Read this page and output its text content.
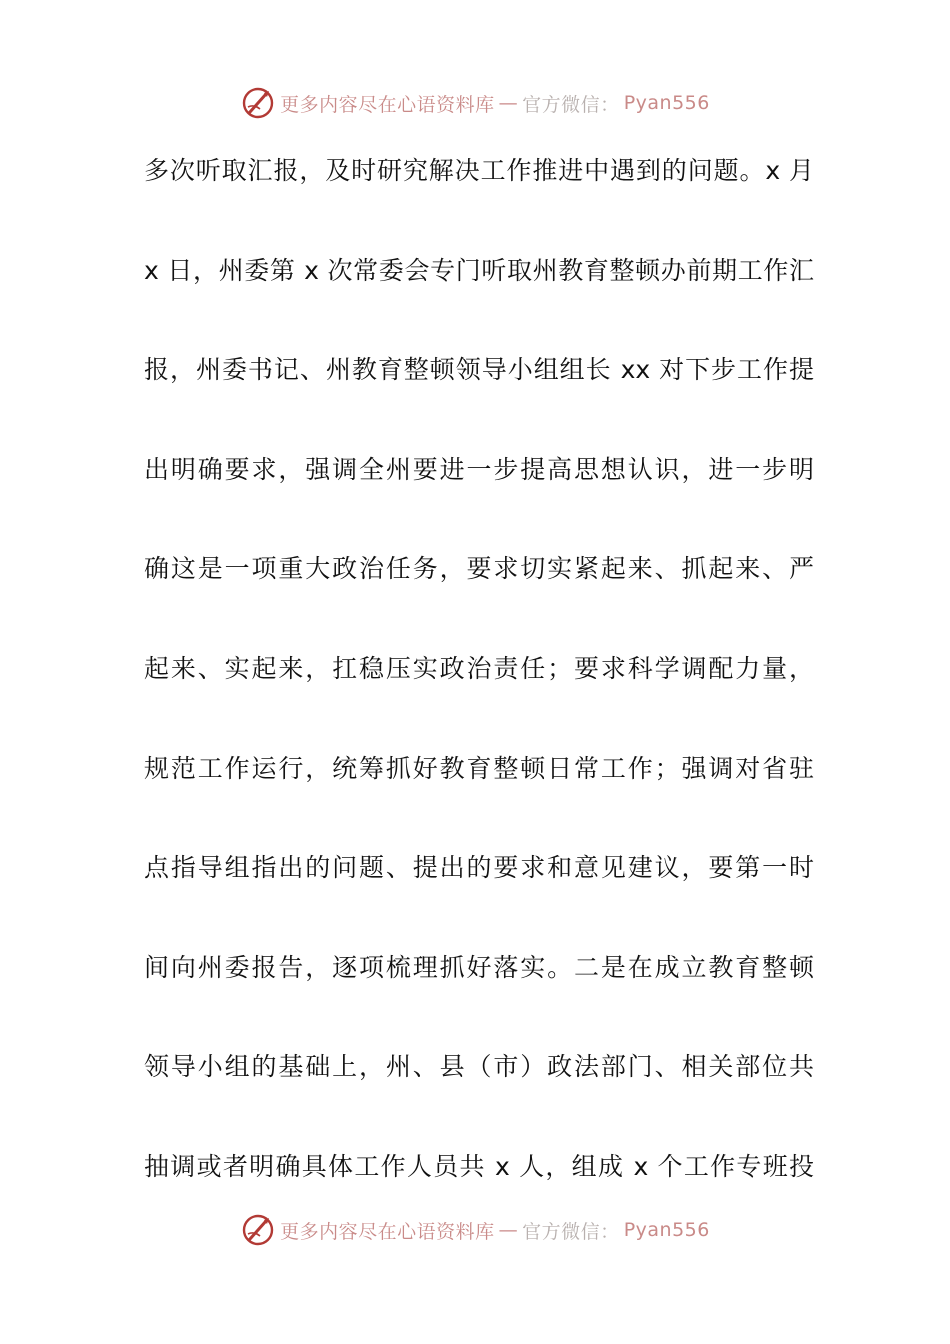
更多内容尽在心语资料库 — 官方微信： Pyan556
多次听取汇报，及时研究解决工作推进中遇到的问题。x 月
x 日，州委第 x 次常委会专门听取州教育整顿办前期工作汇
报，州委书记、州教育整顿领导小组组长 xx 对下步工作提
出明确要求，强调全州要进一步提高思想认识，进一步明
确这是一项重大政治任务，要求切实紧起来、抓起来、严
起来、实起来，扛稳压实政治责任；要求科学调配力量，
规范工作运行，统筹抓好教育整顿日常工作；强调对省驻
点指导组指出的问题、提出的要求和意见建议，要第一时
间向州委报告，逐项梳理抓好落实。二是在成立教育整顿
领导小组的基础上，州、县（市）政法部门、相关部位共
抽调或者明确具体工作人员共 x 人，组成 x 个工作专班投
更多内容尽在心语资料库 — 官方微信： Pyan556
